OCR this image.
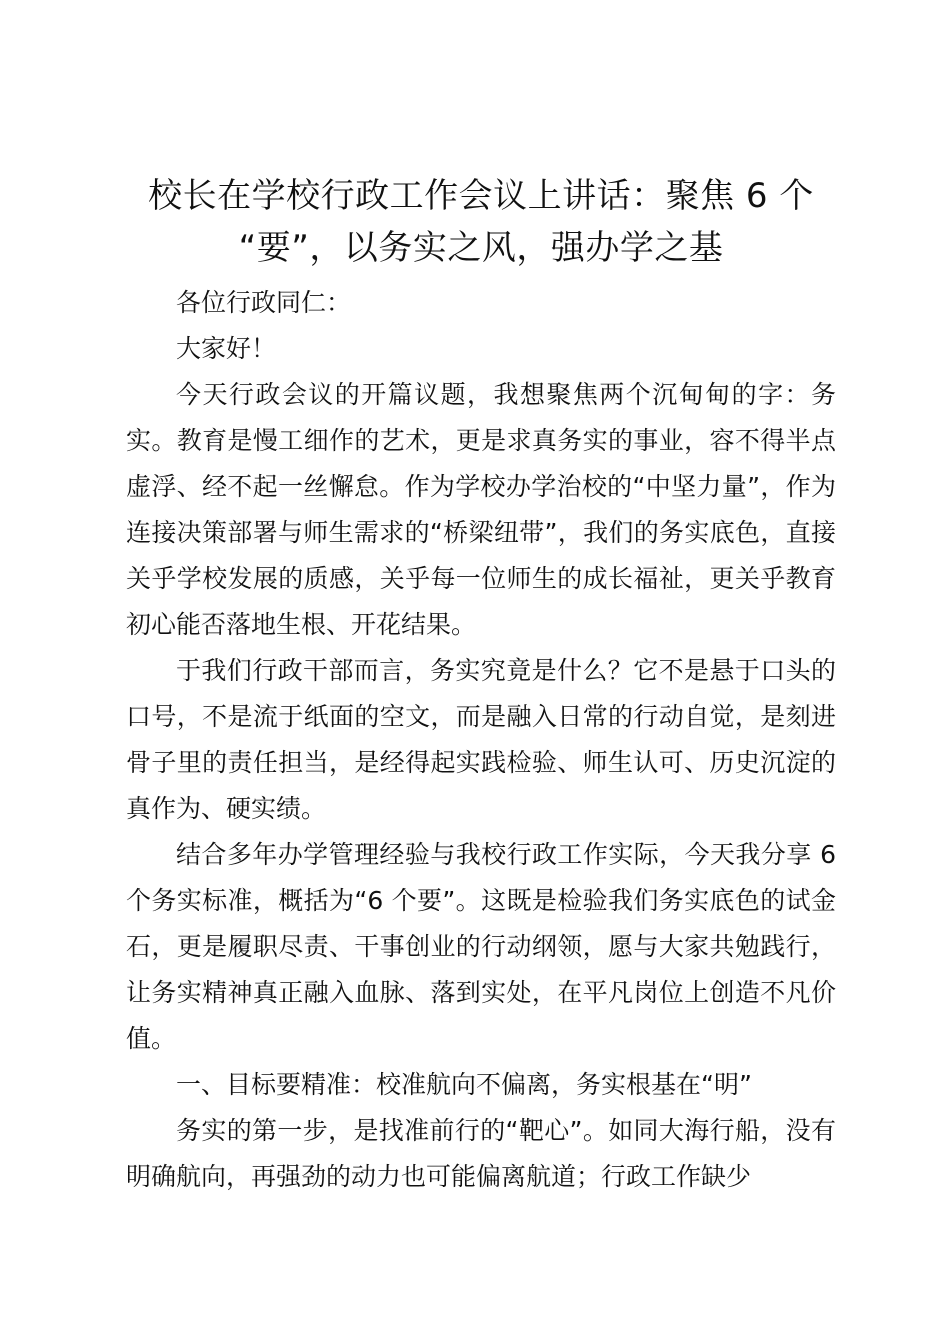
校长在学校行政工作会议上讲话：聚焦 6 个
“要”，以务实之风，强办学之基

各位行政同仁：

大家好！

今天行政会议的开篇议题，我想聚焦两个沉甸甸的字：务实。教育是慢工细作的艺术，更是求真务实的事业，容不得半点虚浮、经不起一丝懈怠。作为学校办学治校的“中坚力量”，作为连接决策部署与师生需求的“桥梁纽带”，我们的务实底色，直接关乎学校发展的质感，关乎每一位师生的成长福祉，更关乎教育初心能否落地生根、开花结果。

于我们行政干部而言，务实究竟是什么？它不是悬于口头的口号，不是流于纸面的空文，而是融入日常的行动自觉，是刻进骨子里的责任担当，是经得起实践检验、师生认可、历史沉淀的真作为、硬实绩。

结合多年办学管理经验与我校行政工作实际，今天我分享 6 个务实标准，概括为“6 个要”。这既是检验我们务实底色的试金石，更是履职尽责、干事创业的行动纲领，愿与大家共勉践行，让务实精神真正融入血脉、落到实处，在平凡岗位上创造不凡价值。

一、目标要精准：校准航向不偏离，务实根基在“明”

务实的第一步，是找准前行的“靶心”。如同大海行船，没有明确航向，再强劲的动力也可能偏离航道；行政工作缺少
